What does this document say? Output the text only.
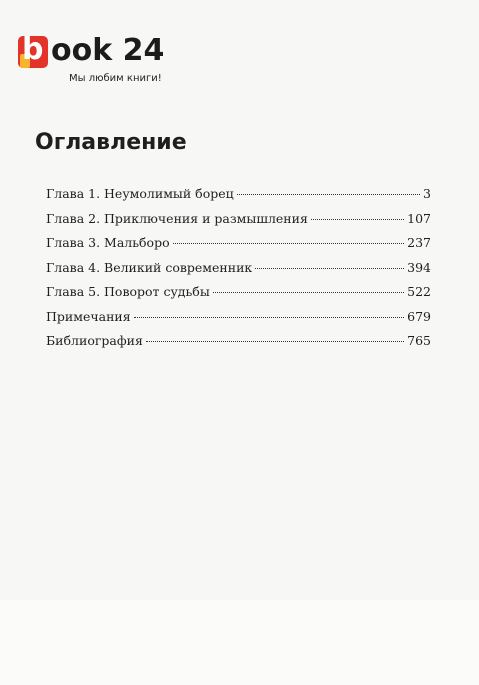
b ook 24
Мы любим книги!
Оглавление
Глава 1. Неумолимый борец	3
Глава 2. Приключения и размышления	107
Глава 3. Мальборо	237
Глава 4. Великий современник	394
Глава 5. Поворот судьбы	522
Примечания	679
Библиография	765
